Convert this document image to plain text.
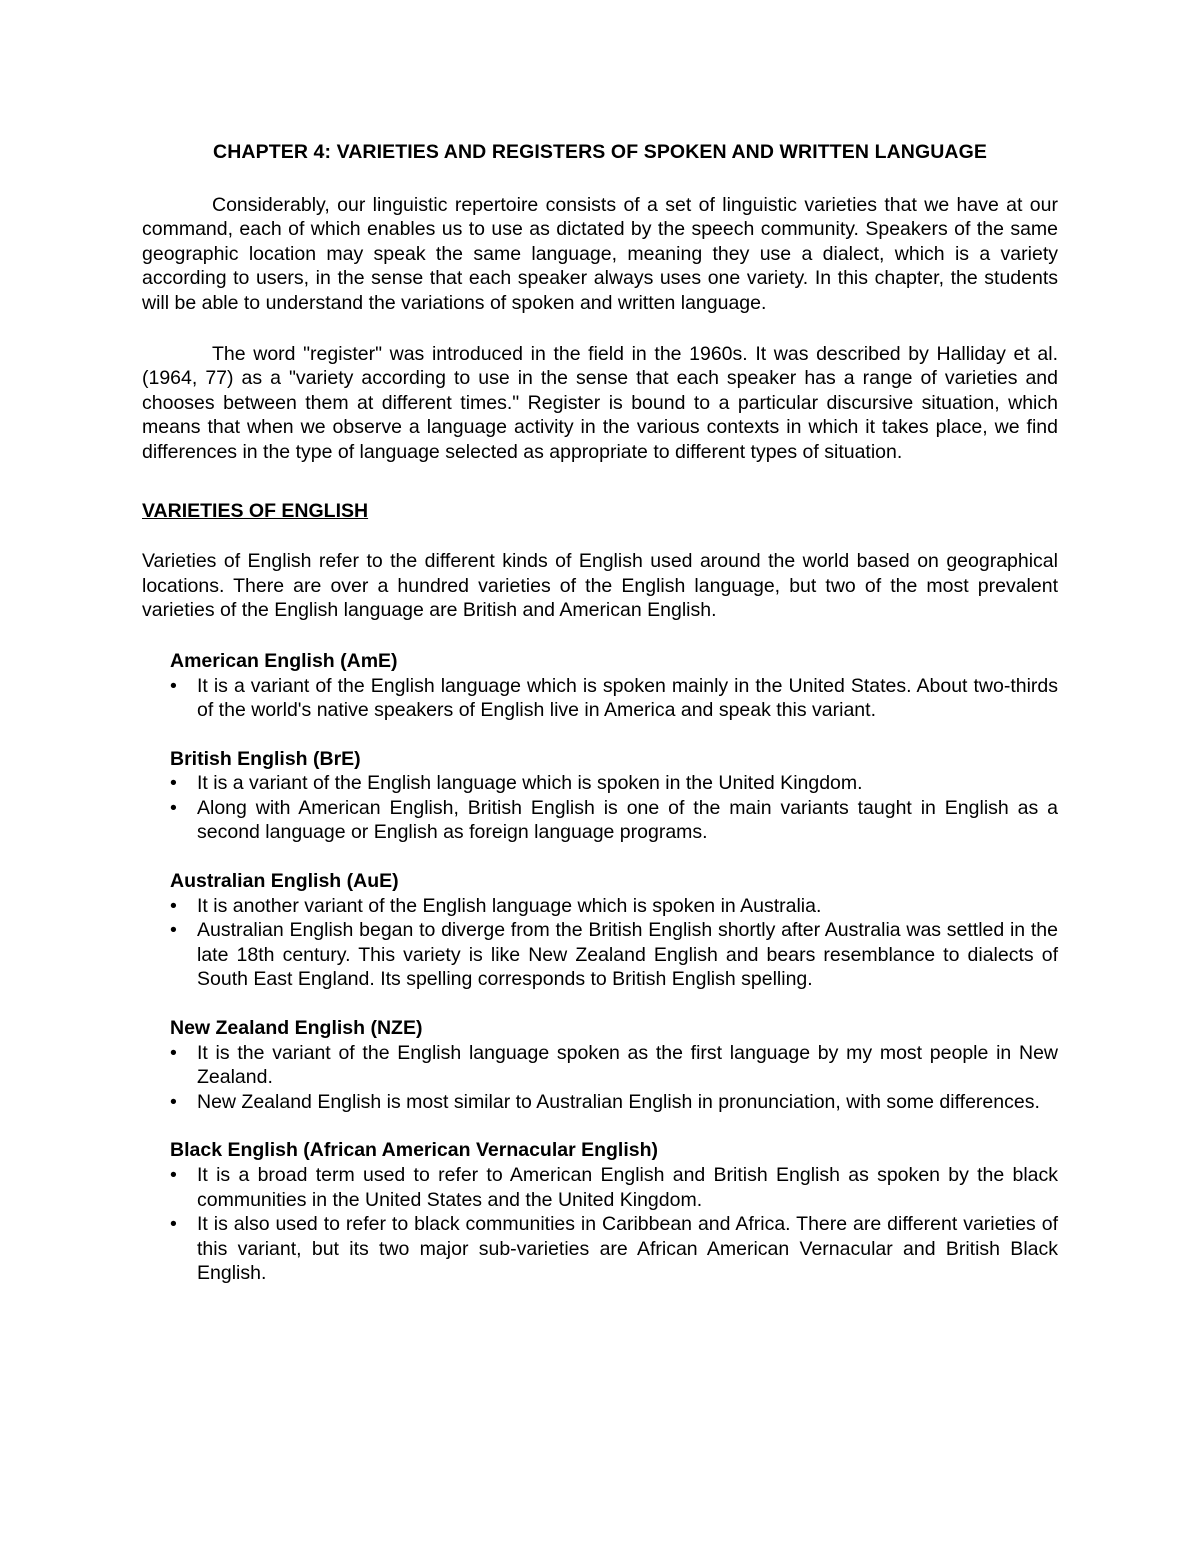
CHAPTER 4: VARIETIES AND REGISTERS OF SPOKEN AND WRITTEN LANGUAGE

Considerably, our linguistic repertoire consists of a set of linguistic varieties that we have at our command, each of which enables us to use as dictated by the speech community. Speakers of the same geographic location may speak the same language, meaning they use a dialect, which is a variety according to users, in the sense that each speaker always uses one variety. In this chapter, the students will be able to understand the variations of spoken and written language.

The word "register" was introduced in the field in the 1960s. It was described by Halliday et al. (1964, 77) as a "variety according to use in the sense that each speaker has a range of varieties and chooses between them at different times." Register is bound to a particular discursive situation, which means that when we observe a language activity in the various contexts in which it takes place, we find differences in the type of language selected as appropriate to different types of situation.

VARIETIES OF ENGLISH

Varieties of English refer to the different kinds of English used around the world based on geographical locations. There are over a hundred varieties of the English language, but two of the most prevalent varieties of the English language are British and American English.

American English (AmE)
• It is a variant of the English language which is spoken mainly in the United States. About two-thirds of the world's native speakers of English live in America and speak this variant.
British English (BrE)
• It is a variant of the English language which is spoken in the United Kingdom.
• Along with American English, British English is one of the main variants taught in English as a second language or English as foreign language programs.
Australian English (AuE)
• It is another variant of the English language which is spoken in Australia.
• Australian English began to diverge from the British English shortly after Australia was settled in the late 18th century. This variety is like New Zealand English and bears resemblance to dialects of South East England. Its spelling corresponds to British English spelling.
New Zealand English (NZE)
• It is the variant of the English language spoken as the first language by my most people in New Zealand.
• New Zealand English is most similar to Australian English in pronunciation, with some differences.
Black English (African American Vernacular English)
• It is a broad term used to refer to American English and British English as spoken by the black communities in the United States and the United Kingdom.
• It is also used to refer to black communities in Caribbean and Africa. There are different varieties of this variant, but its two major sub-varieties are African American Vernacular and British Black English.
